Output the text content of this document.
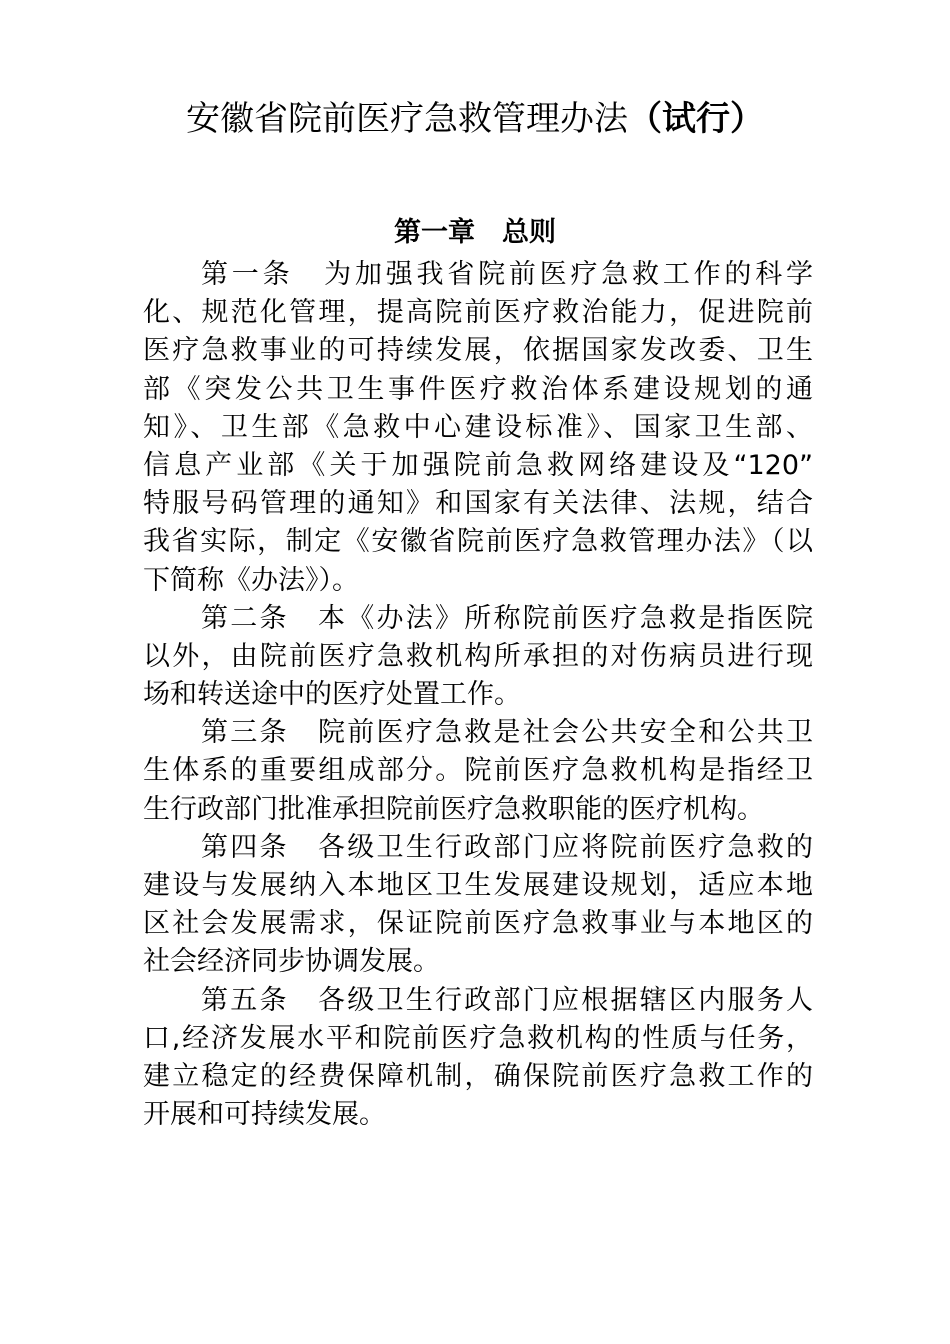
安徽省院前医疗急救管理办法（试行）
第一章　总则
第一条　为加强我省院前医疗急救工作的科学
化、规范化管理，提高院前医疗救治能力，促进院前
医疗急救事业的可持续发展，依据国家发改委、卫生
部《突发公共卫生事件医疗救治体系建设规划的通
知》、卫生部《急救中心建设标准》、国家卫生部、
信息产业部《关于加强院前急救网络建设及“120”
特服号码管理的通知》和国家有关法律、法规，结合
我省实际，制定《安徽省院前医疗急救管理办法》（以
下简称《办法》）。
第二条　本《办法》所称院前医疗急救是指医院
以外，由院前医疗急救机构所承担的对伤病员进行现
场和转送途中的医疗处置工作。
第三条　院前医疗急救是社会公共安全和公共卫
生体系的重要组成部分。院前医疗急救机构是指经卫
生行政部门批准承担院前医疗急救职能的医疗机构。
第四条　各级卫生行政部门应将院前医疗急救的
建设与发展纳入本地区卫生发展建设规划，适应本地
区社会发展需求，保证院前医疗急救事业与本地区的
社会经济同步协调发展。
第五条　各级卫生行政部门应根据辖区内服务人
口,经济发展水平和院前医疗急救机构的性质与任务，
建立稳定的经费保障机制，确保院前医疗急救工作的
开展和可持续发展。
